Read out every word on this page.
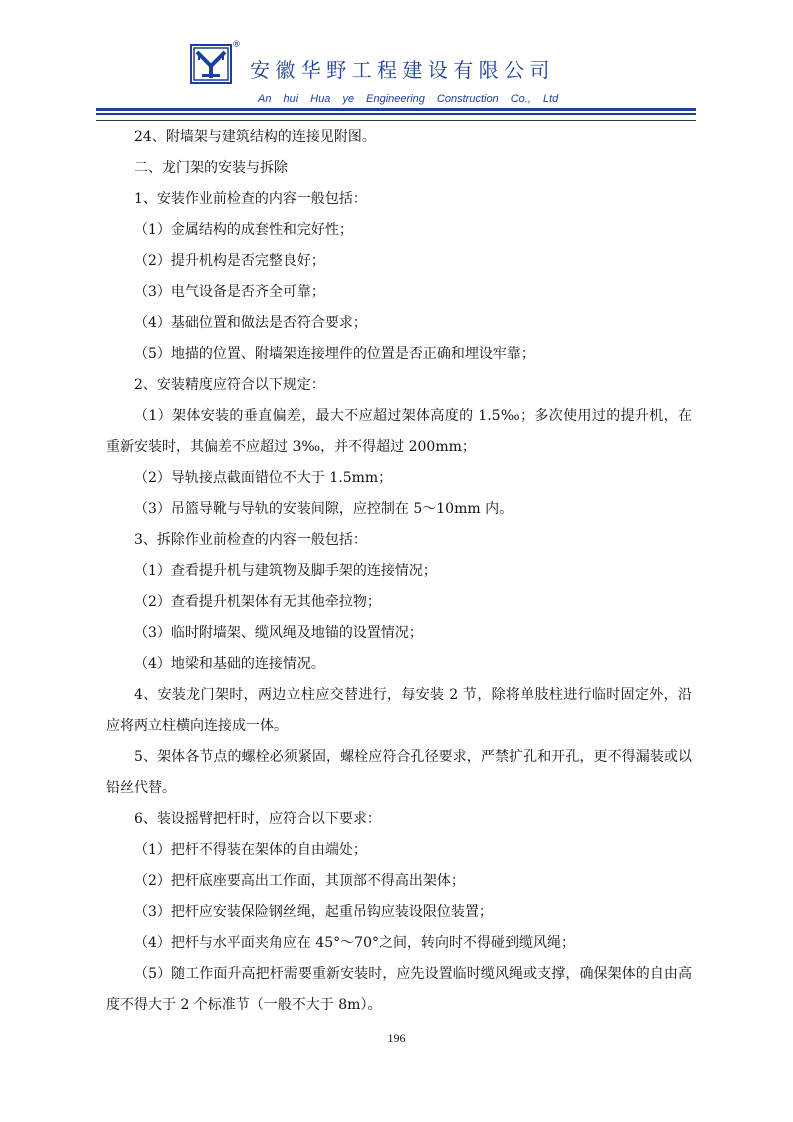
®
安徽华野工程建设有限公司
An hui Hua ye Engineering Construction Co., Ltd

24、附墙架与建筑结构的连接见附图。

二、龙门架的安装与拆除

1、安装作业前检查的内容一般包括：

（1）金属结构的成套性和完好性；

（2）提升机构是否完整良好；

（3）电气设备是否齐全可靠；

（4）基础位置和做法是否符合要求；

（5）地描的位置、附墙架连接埋件的位置是否正确和埋设牢靠；

2、安装精度应符合以下规定：

（1）架体安装的垂直偏差，最大不应超过架体高度的 1.5‰；多次使用过的提升机，在重新安装时，其偏差不应超过 3‰，并不得超过 200mm；

（2）导轨接点截面错位不大于 1.5mm；

（3）吊篮导靴与导轨的安装间隙，应控制在 5～10mm 内。

3、拆除作业前检查的内容一般包括：

（1）查看提升机与建筑物及脚手架的连接情况；

（2）查看提升机架体有无其他牵拉物；

（3）临时附墙架、缆风绳及地锚的设置情况；

（4）地梁和基础的连接情况。

4、安装龙门架时，两边立柱应交替进行，每安装 2 节，除将单肢柱进行临时固定外，沿应将两立柱横向连接成一体。

5、架体各节点的螺栓必须紧固，螺栓应符合孔径要求，严禁扩孔和开孔，更不得漏装或以铅丝代替。

6、装设摇臂把杆时，应符合以下要求：

（1）把杆不得装在架体的自由端处；

（2）把杆底座要高出工作面，其顶部不得高出架体；

（3）把杆应安装保险钢丝绳，起重吊钩应装设限位装置；

（4）把杆与水平面夹角应在 45°～70°之间，转向时不得碰到缆风绳；

（5）随工作面升高把杆需要重新安装时，应先设置临时缆风绳或支撑，确保架体的自由高度不得大于 2 个标准节（一般不大于 8m）。

196
